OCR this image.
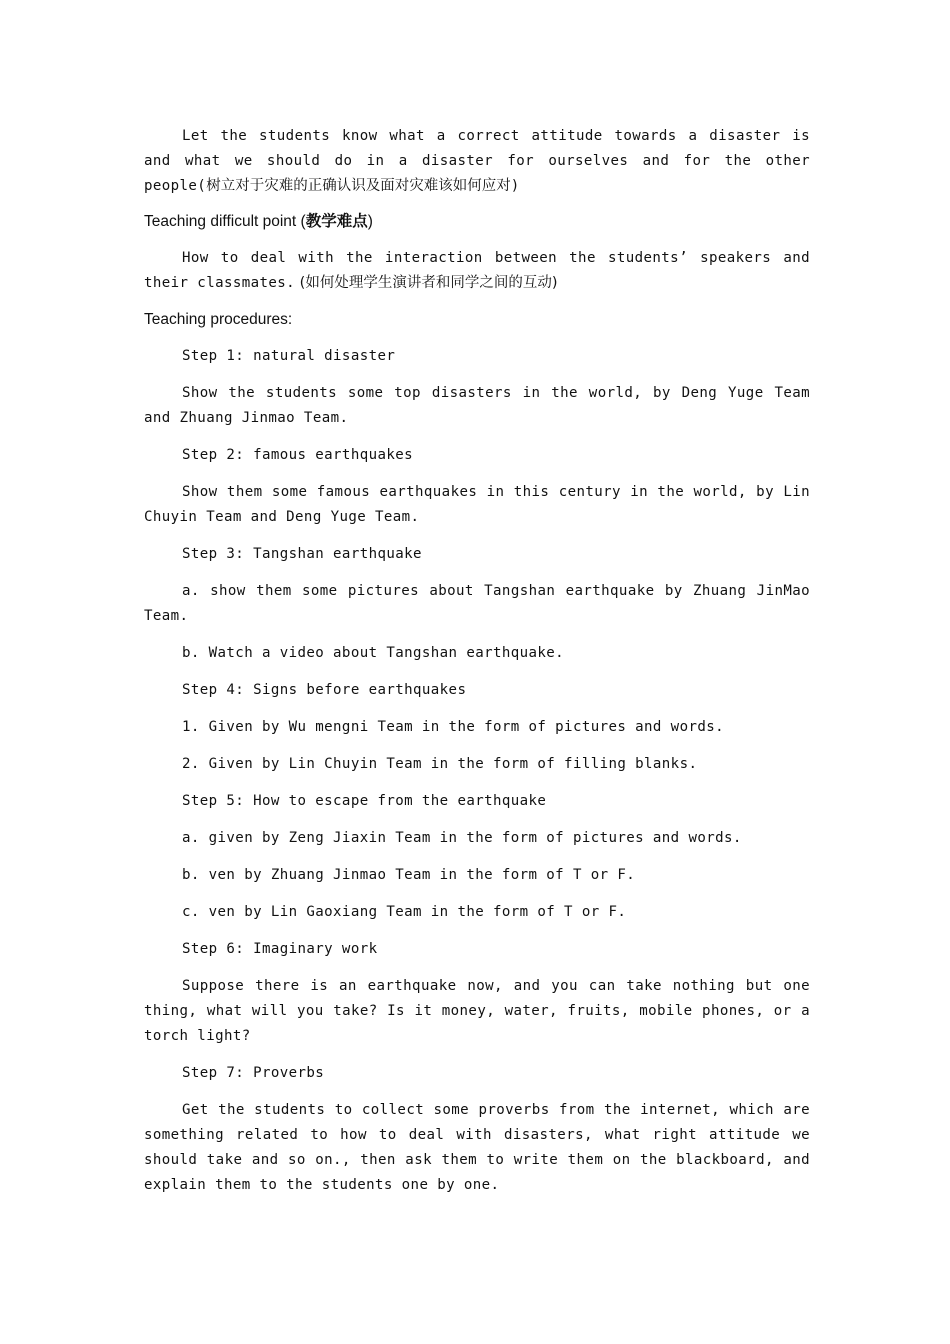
Let the students know what a correct attitude towards a disaster is and what we should do in a disaster for ourselves and for the other people(树立对于灾难的正确认识及面对灾难该如何应对)

Teaching difficult point (教学难点)

How to deal with the interaction between the students’ speakers and their classmates. (如何处理学生演讲者和同学之间的互动)

Teaching procedures:

Step 1: natural disaster

Show the students some top disasters in the world, by Deng Yuge Team and Zhuang Jinmao Team.

Step 2: famous earthquakes

Show them some famous earthquakes in this century in the world, by Lin Chuyin Team and Deng Yuge Team.

Step 3: Tangshan earthquake

a. show them some pictures about Tangshan earthquake by Zhuang JinMao Team.

b. Watch a video about Tangshan earthquake.

Step 4: Signs before earthquakes

1. Given by Wu mengni Team in the form of pictures and words.

2. Given by Lin Chuyin Team in the form of filling blanks.

Step 5: How to escape from the earthquake

a. given by Zeng Jiaxin Team in the form of pictures and words.

b. ven by Zhuang Jinmao Team in the form of T or F.

c. ven by Lin Gaoxiang Team in the form of T or F.

Step 6: Imaginary work

Suppose there is an earthquake now, and you can take nothing but one thing, what will you take? Is it money, water, fruits, mobile phones, or a torch light?

Step 7: Proverbs

Get the students to collect some proverbs from the internet, which are something related to how to deal with disasters, what right attitude we should take and so on., then ask them to write them on the blackboard, and explain them to the students one by one.
